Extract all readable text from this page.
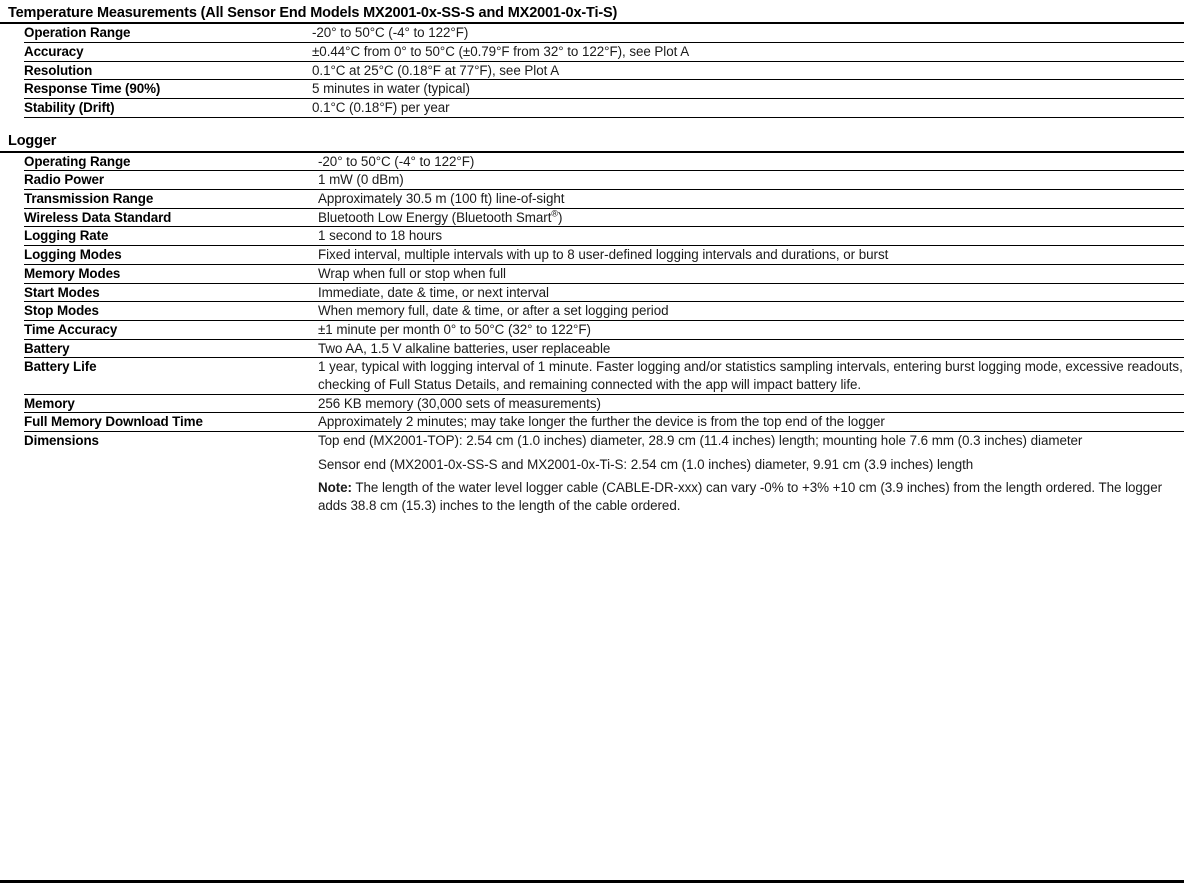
Temperature Measurements (All Sensor End Models MX2001-0x-SS-S and MX2001-0x-Ti-S)
	Operation Range	-20° to 50°C (-4° to 122°F)
	Accuracy	±0.44°C from 0° to 50°C (±0.79°F from 32° to 122°F), see Plot A
	Resolution	0.1°C at 25°C (0.18°F at 77°F), see Plot A
	Response Time (90%)	5 minutes in water (typical)
	Stability (Drift)	0.1°C (0.18°F) per year

Logger
	Operating Range	-20° to 50°C (-4° to 122°F)
	Radio Power	1 mW (0 dBm)
	Transmission Range	Approximately 30.5 m (100 ft) line-of-sight
	Wireless Data Standard	Bluetooth Low Energy (Bluetooth Smart®)
	Logging Rate	1 second to 18 hours
	Logging Modes	Fixed interval, multiple intervals with up to 8 user-defined logging intervals and durations, or burst
	Memory Modes	Wrap when full or stop when full
	Start Modes	Immediate, date & time, or next interval
	Stop Modes	When memory full, date & time, or after a set logging period
	Time Accuracy	±1 minute per month 0° to 50°C (32° to 122°F)
	Battery	Two AA, 1.5 V alkaline batteries, user replaceable
	Battery Life	1 year, typical with logging interval of 1 minute. Faster logging and/or statistics sampling intervals, entering burst logging mode, excessive readouts, checking of Full Status Details, and remaining connected with the app will impact battery life.
	Memory	256 KB memory (30,000 sets of measurements)
	Full Memory Download Time	Approximately 2 minutes; may take longer the further the device is from the top end of the logger
	Dimensions	Top end (MX2001-TOP): 2.54 cm (1.0 inches) diameter, 28.9 cm (11.4 inches) length; mounting hole 7.6 mm (0.3 inches) diameter

Sensor end (MX2001-0x-SS-S and MX2001-0x-Ti-S: 2.54 cm (1.0 inches) diameter, 9.91 cm (3.9 inches) length

Note: The length of the water level logger cable (CABLE-DR-xxx) can vary -0% to +3% +10 cm (3.9 inches) from the length ordered. The logger adds 38.8 cm (15.3) inches to the length of the cable ordered.
